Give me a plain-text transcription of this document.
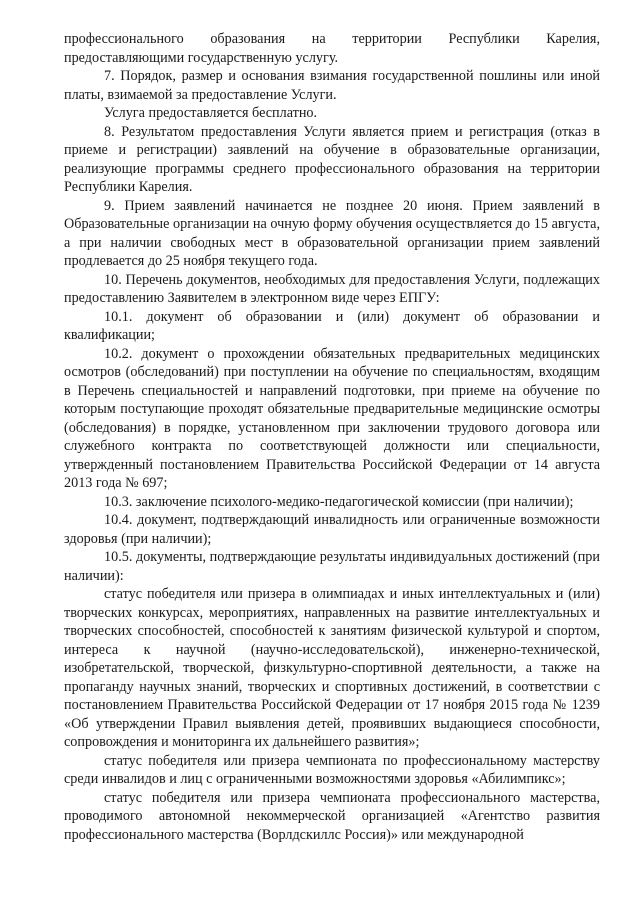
профессионального образования на территории Республики Карелия, предоставляющими государственную услугу.

7. Порядок, размер и основания взимания государственной пошлины или иной платы, взимаемой за предоставление Услуги.

Услуга предоставляется бесплатно.

8. Результатом предоставления Услуги является прием и регистрация (отказ в приеме и регистрации) заявлений на обучение в образовательные организации, реализующие программы среднего профессионального образования на территории Республики Карелия.

9. Прием заявлений начинается не позднее 20 июня. Прием заявлений в Образовательные организации на очную форму обучения осуществляется до 15 августа, а при наличии свободных мест в образовательной организации прием заявлений продлевается до 25 ноября текущего года.

10. Перечень документов, необходимых для предоставления Услуги, подлежащих предоставлению Заявителем в электронном виде через ЕПГУ:

10.1. документ об образовании и (или) документ об образовании и квалификации;

10.2. документ о прохождении обязательных предварительных медицинских осмотров (обследований) при поступлении на обучение по специальностям, входящим в Перечень специальностей и направлений подготовки, при приеме на обучение по которым поступающие проходят обязательные предварительные медицинские осмотры (обследования) в порядке, установленном при заключении трудового договора или служебного контракта по соответствующей должности или специальности, утвержденный постановлением Правительства Российской Федерации от 14 августа 2013 года № 697;

10.3. заключение психолого-медико-педагогической комиссии (при наличии);

10.4. документ, подтверждающий инвалидность или ограниченные возможности здоровья (при наличии);

10.5. документы, подтверждающие результаты индивидуальных достижений (при наличии):

статус победителя или призера в олимпиадах и иных интеллектуальных и (или) творческих конкурсах, мероприятиях, направленных на развитие интеллектуальных и творческих способностей, способностей к занятиям физической культурой и спортом, интереса к научной (научно-исследовательской), инженерно-технической, изобретательской, творческой, физкультурно-спортивной деятельности, а также на пропаганду научных знаний, творческих и спортивных достижений, в соответствии с постановлением Правительства Российской Федерации от 17 ноября 2015 года № 1239 «Об утверждении Правил выявления детей, проявивших выдающиеся способности, сопровождения и мониторинга их дальнейшего развития»;

статус победителя или призера чемпионата по профессиональному мастерству среди инвалидов и лиц с ограниченными возможностями здоровья «Абилимпикс»;

статус победителя или призера чемпионата профессионального мастерства, проводимого автономной некоммерческой организацией «Агентство развития профессионального мастерства (Ворлдскиллс Россия)» или международной
